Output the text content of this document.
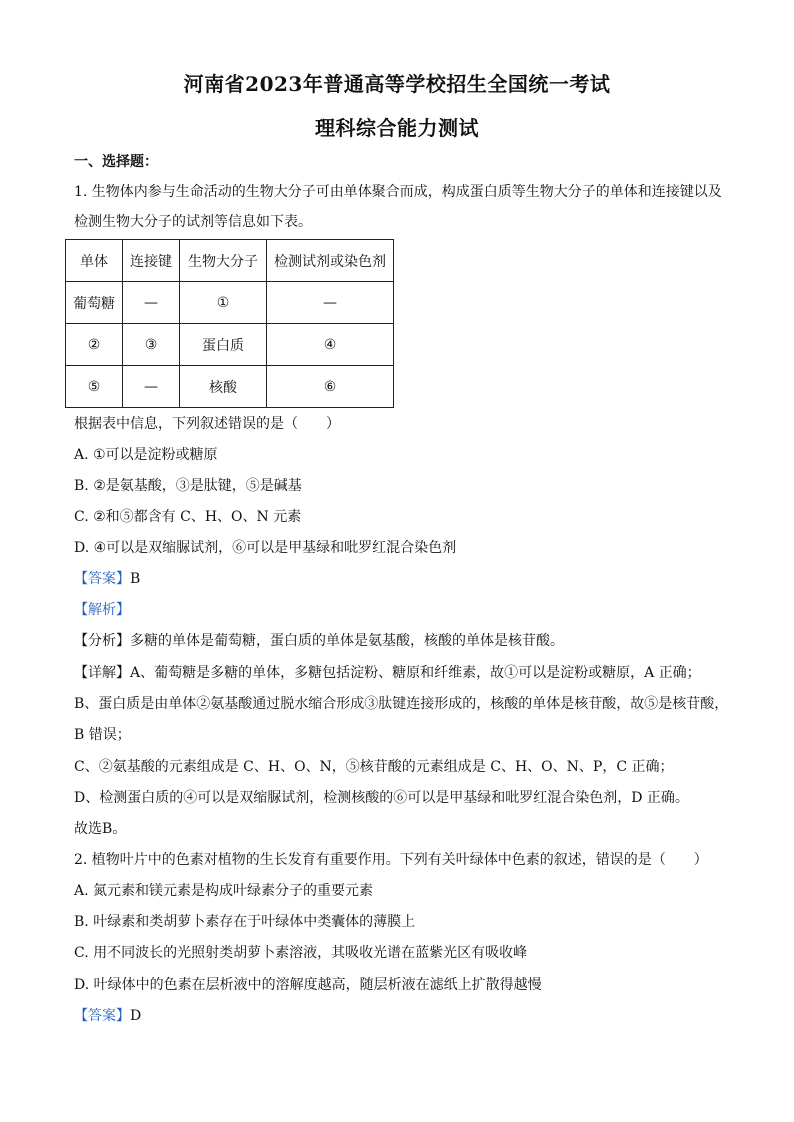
河南省2023年普通高等学校招生全国统一考试
理科综合能力测试
一、选择题：
1. 生物体内参与生命活动的生物大分子可由单体聚合而成，构成蛋白质等生物大分子的单体和连接键以及
检测生物大分子的试剂等信息如下表。
单体	连接键	生物大分子	检测试剂或染色剂
葡萄糖	—	①	—
②	③	蛋白质	④
⑤	—	核酸	⑥
根据表中信息，下列叙述错误的是（　　）
A. ①可以是淀粉或糖原
B. ②是氨基酸，③是肽键，⑤是碱基
C. ②和⑤都含有 C、H、O、N 元素
D. ④可以是双缩脲试剂，⑥可以是甲基绿和吡罗红混合染色剂
【答案】B
【解析】
【分析】多糖的单体是葡萄糖，蛋白质的单体是氨基酸，核酸的单体是核苷酸。
【详解】A、葡萄糖是多糖的单体，多糖包括淀粉、糖原和纤维素，故①可以是淀粉或糖原，A 正确；
B、蛋白质是由单体②氨基酸通过脱水缩合形成③肽键连接形成的，核酸的单体是核苷酸，故⑤是核苷酸，
B 错误；
C、②氨基酸的元素组成是 C、H、O、N，⑤核苷酸的元素组成是 C、H、O、N、P，C 正确；
D、检测蛋白质的④可以是双缩脲试剂，检测核酸的⑥可以是甲基绿和吡罗红混合染色剂，D 正确。
故选B。
2. 植物叶片中的色素对植物的生长发育有重要作用。下列有关叶绿体中色素的叙述，错误的是（　　）
A. 氮元素和镁元素是构成叶绿素分子的重要元素
B. 叶绿素和类胡萝卜素存在于叶绿体中类囊体的薄膜上
C. 用不同波长的光照射类胡萝卜素溶液，其吸收光谱在蓝紫光区有吸收峰
D. 叶绿体中的色素在层析液中的溶解度越高，随层析液在滤纸上扩散得越慢
【答案】D
